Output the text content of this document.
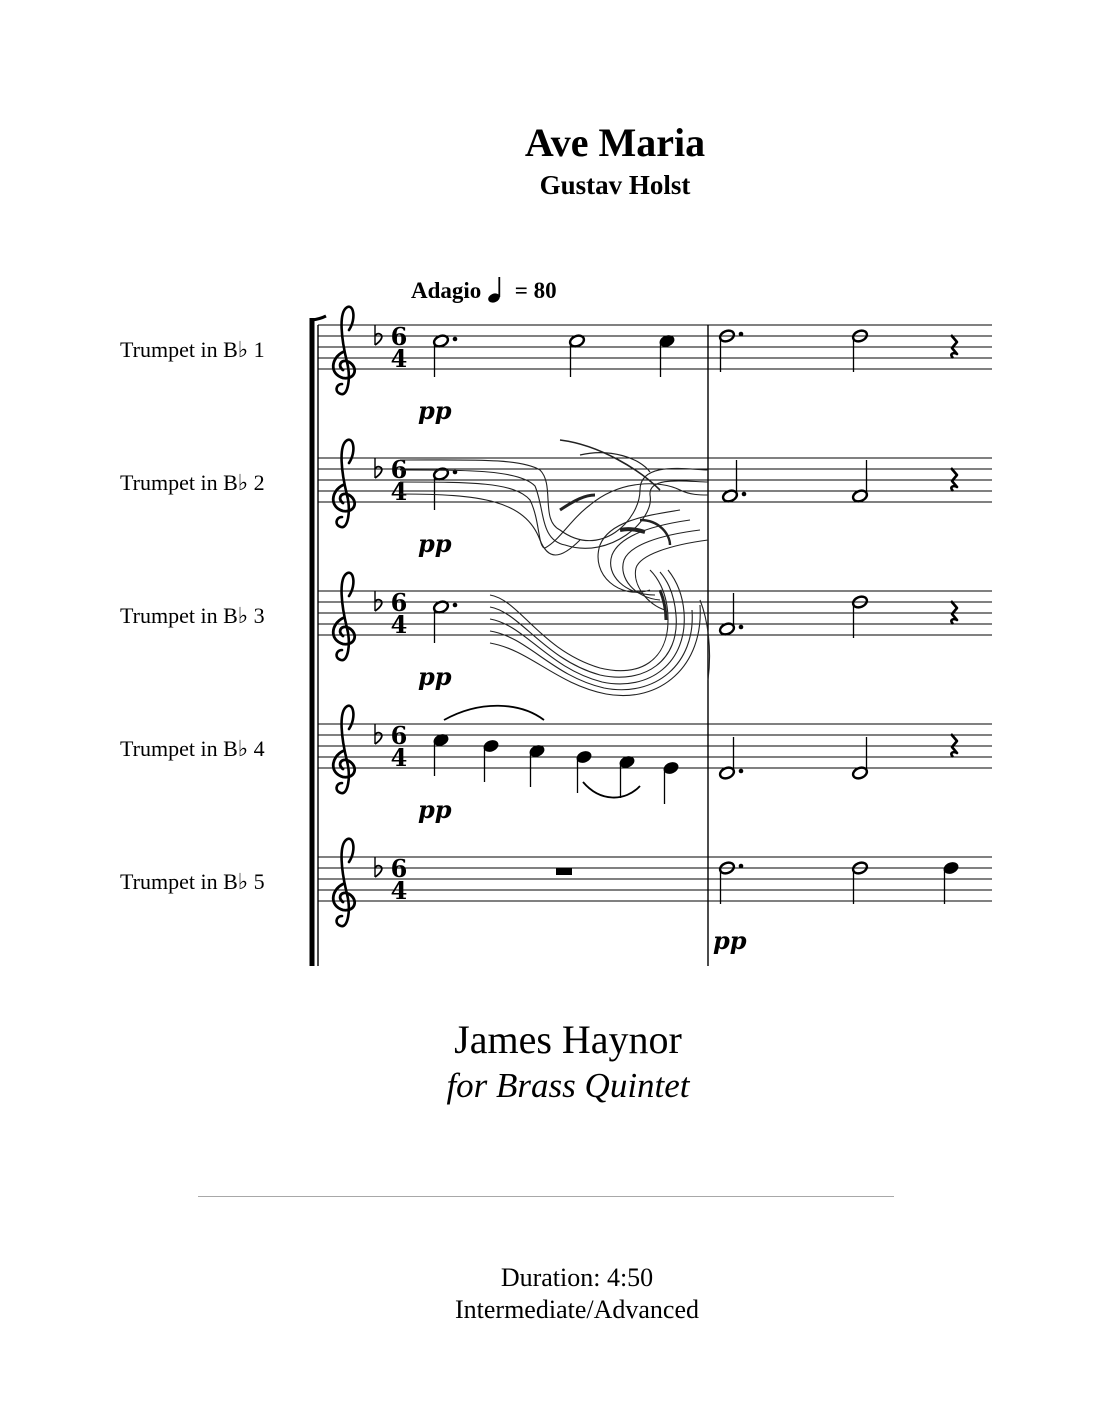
Ave Maria
Gustav Holst
Adagio = 80
Trumpet in B♭ 1
Trumpet in B♭ 2
Trumpet in B♭ 3
Trumpet in B♭ 4
Trumpet in B♭ 5
6
4
6
4
6
4
6
4
6
4
pp
pp
pp
pp
pp
James Haynor
for Brass Quintet
Duration: 4:50
Intermediate/Advanced
